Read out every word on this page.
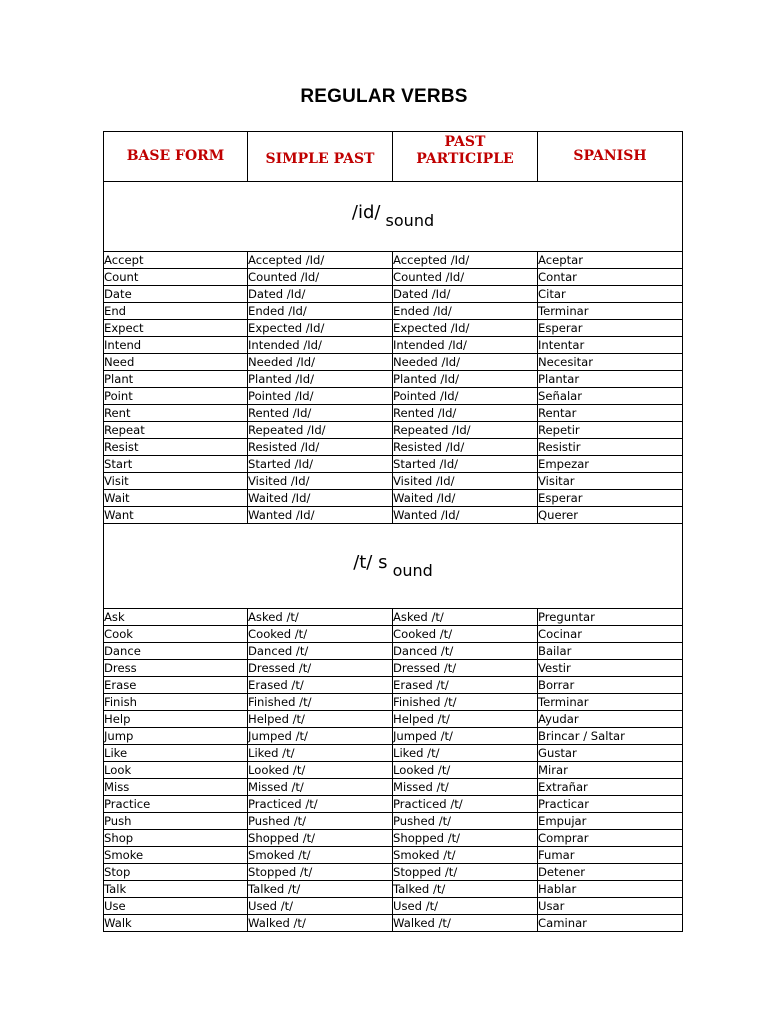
REGULAR VERBS
BASE FORM	SIMPLE PAST	PAST
PARTICIPLE	SPANISH
/id/ sound			
Accept	Accepted /Id/	Accepted /Id/	Aceptar
Count	Counted /Id/	Counted /Id/	Contar
Date	Dated /Id/	Dated /Id/	Citar
End	Ended /Id/	Ended /Id/	Terminar
Expect	Expected /Id/	Expected /Id/	Esperar
Intend	Intended /Id/	Intended /Id/	Intentar
Need	Needed /Id/	Needed /Id/	Necesitar
Plant	Planted /Id/	Planted /Id/	Plantar
Point	Pointed /Id/	Pointed /Id/	Señalar
Rent	Rented /Id/	Rented /Id/	Rentar
Repeat	Repeated /Id/	Repeated /Id/	Repetir
Resist	Resisted /Id/	Resisted /Id/	Resistir
Start	Started /Id/	Started /Id/	Empezar
Visit	Visited /Id/	Visited /Id/	Visitar
Wait	Waited /Id/	Waited /Id/	Esperar
Want	Wanted /Id/	Wanted /Id/	Querer
/t/ s ound			
Ask	Asked /t/	Asked /t/	Preguntar
Cook	Cooked /t/	Cooked /t/	Cocinar
Dance	Danced /t/	Danced /t/	Bailar
Dress	Dressed /t/	Dressed /t/	Vestir
Erase	Erased /t/	Erased /t/	Borrar
Finish	Finished /t/	Finished /t/	Terminar
Help	Helped /t/	Helped /t/	Ayudar
Jump	Jumped /t/	Jumped /t/	Brincar / Saltar
Like	Liked /t/	Liked /t/	Gustar
Look	Looked /t/	Looked /t/	Mirar
Miss	Missed /t/	Missed /t/	Extrañar
Practice	Practiced /t/	Practiced /t/	Practicar
Push	Pushed /t/	Pushed /t/	Empujar
Shop	Shopped /t/	Shopped /t/	Comprar
Smoke	Smoked /t/	Smoked /t/	Fumar
Stop	Stopped /t/	Stopped /t/	Detener
Talk	Talked /t/	Talked /t/	Hablar
Use	Used /t/	Used /t/	Usar
Walk	Walked /t/	Walked /t/	Caminar
